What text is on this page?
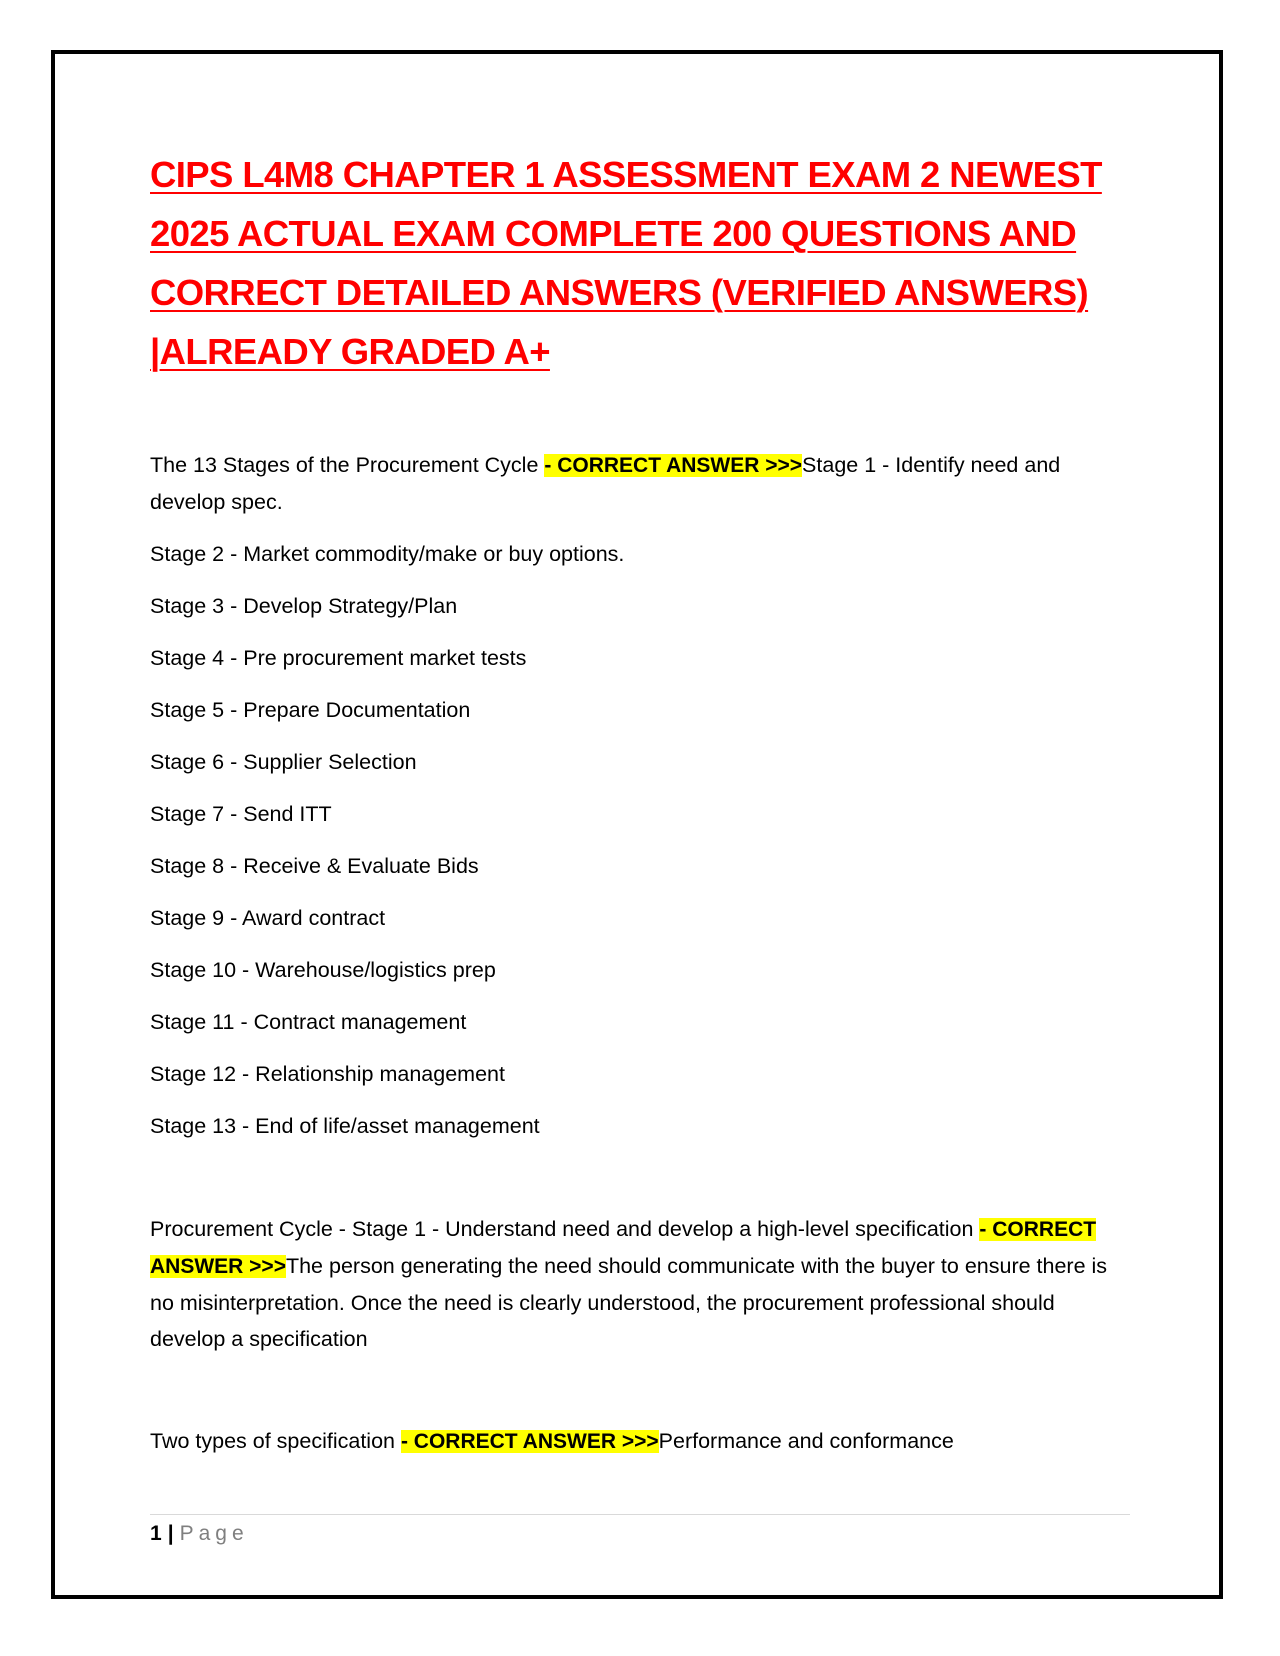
CIPS L4M8 CHAPTER 1 ASSESSMENT EXAM 2 NEWEST
2025 ACTUAL EXAM COMPLETE 200 QUESTIONS AND
CORRECT DETAILED ANSWERS (VERIFIED ANSWERS)
|ALREADY GRADED A+

The 13 Stages of the Procurement Cycle - CORRECT ANSWER >>>Stage 1 - Identify need and develop spec.

Stage 2 - Market commodity/make or buy options.

Stage 3 - Develop Strategy/Plan

Stage 4 - Pre procurement market tests

Stage 5 - Prepare Documentation

Stage 6 - Supplier Selection

Stage 7 - Send ITT

Stage 8 - Receive & Evaluate Bids

Stage 9 - Award contract

Stage 10 - Warehouse/logistics prep

Stage 11 - Contract management

Stage 12 - Relationship management

Stage 13 - End of life/asset management

Procurement Cycle - Stage 1 - Understand need and develop a high-level specification - CORRECT ANSWER >>>The person generating the need should communicate with the buyer to ensure there is no misinterpretation. Once the need is clearly understood, the procurement professional should develop a specification

Two types of specification - CORRECT ANSWER >>>Performance and conformance

1 | Page
